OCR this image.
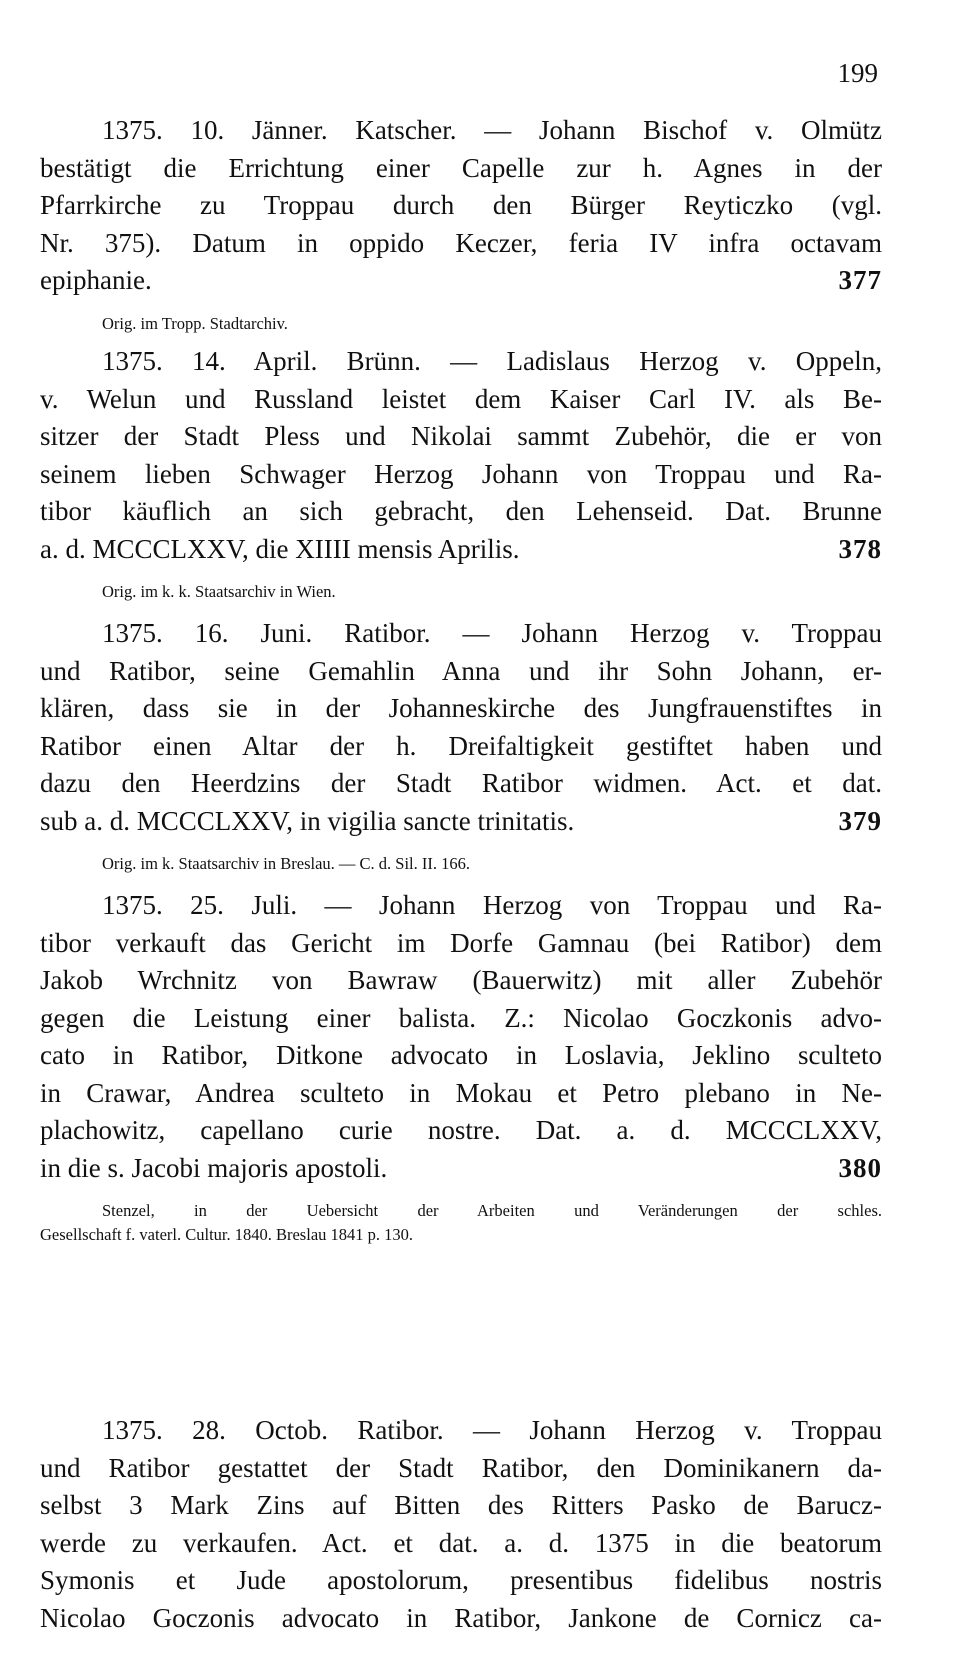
199
1375. 10. Jänner. Katscher. — Johann Bischof v. Olmütz
bestätigt die Errichtung einer Capelle zur h. Agnes in der
Pfarrkirche zu Troppau durch den Bürger Reyticzko (vgl.
Nr. 375). Datum in oppido Keczer, feria IV infra octavam
epiphanie.	377
Orig. im Tropp. Stadtarchiv.
1375. 14. April. Brünn. — Ladislaus Herzog v. Oppeln,
v. Welun und Russland leistet dem Kaiser Carl IV. als Be-
sitzer der Stadt Pless und Nikolai sammt Zubehör, die er von
seinem lieben Schwager Herzog Johann von Troppau und Ra-
tibor käuflich an sich gebracht, den Lehenseid. Dat. Brunne
a. d. MCCCLXXV, die XIIII mensis Aprilis.	378
Orig. im k. k. Staatsarchiv in Wien.
1375. 16. Juni. Ratibor. — Johann Herzog v. Troppau
und Ratibor, seine Gemahlin Anna und ihr Sohn Johann, er-
klären, dass sie in der Johanneskirche des Jungfrauenstiftes in
Ratibor einen Altar der h. Dreifaltigkeit gestiftet haben und
dazu den Heerdzins der Stadt Ratibor widmen. Act. et dat.
sub a. d. MCCCLXXV, in vigilia sancte trinitatis.	379
Orig. im k. Staatsarchiv in Breslau. — C. d. Sil. II. 166.
1375. 25. Juli. — Johann Herzog von Troppau und Ra-
tibor verkauft das Gericht im Dorfe Gamnau (bei Ratibor) dem
Jakob Wrchnitz von Bawraw (Bauerwitz) mit aller Zubehör
gegen die Leistung einer balista. Z.: Nicolao Goczkonis advo-
cato in Ratibor, Ditkone advocato in Loslavia, Jeklino sculteto
in Crawar, Andrea sculteto in Mokau et Petro plebano in Ne-
plachowitz, capellano curie nostre. Dat. a. d. MCCCLXXV,
in die s. Jacobi majoris apostoli.	380
Stenzel, in der Uebersicht der Arbeiten und Veränderungen der schles.
Gesellschaft f. vaterl. Cultur. 1840. Breslau 1841 p. 130.
1375. 28. Octob. Ratibor. — Johann Herzog v. Troppau
und Ratibor gestattet der Stadt Ratibor, den Dominikanern da-
selbst 3 Mark Zins auf Bitten des Ritters Pasko de Barucz-
werde zu verkaufen. Act. et dat. a. d. 1375 in die beatorum
Symonis et Jude apostolorum, presentibus fidelibus nostris
Nicolao Goczonis advocato in Ratibor, Jankone de Cornicz ca-
